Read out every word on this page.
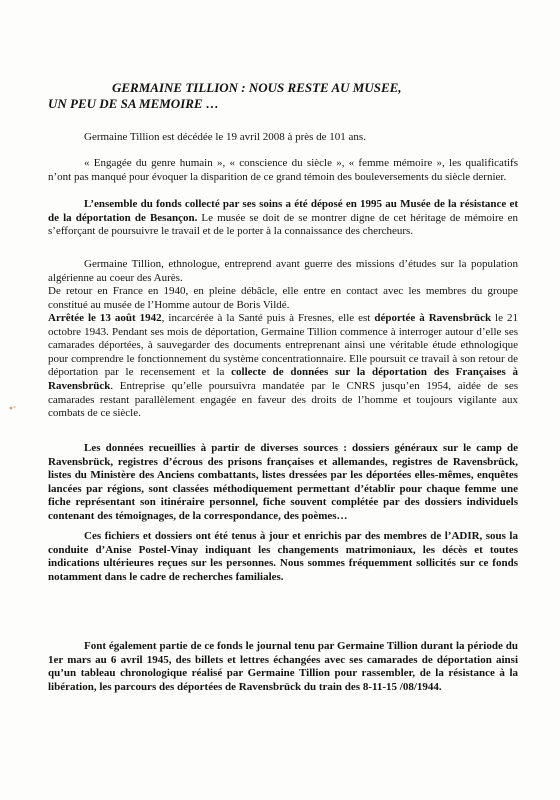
GERMAINE TILLION : NOUS RESTE AU MUSEE,
UN PEU DE SA MEMOIRE …

Germaine Tillion est décédée le 19 avril 2008 à près de 101 ans.

« Engagée du genre humain », « conscience du siècle », « femme mémoire », les qualificatifs n’ont pas manqué pour évoquer la disparition de ce grand témoin des bouleversements du siècle dernier.

L’ensemble du fonds collecté par ses soins a été déposé en 1995 au Musée de la résistance et de la déportation de Besançon. Le musée se doit de se montrer digne de cet héritage de mémoire en s’efforçant de poursuivre le travail et de le porter à la connaissance des chercheurs.

Germaine Tillion, ethnologue, entreprend avant guerre des missions d’études sur la population algérienne au coeur des Aurès.

De retour en France en 1940, en pleine débâcle, elle entre en contact avec les membres du groupe constitué au musée de l’Homme autour de Boris Vildé.

Arrêtée le 13 août 1942, incarcérée à la Santé puis à Fresnes, elle est déportée à Ravensbrück le 21 octobre 1943. Pendant ses mois de déportation, Germaine Tillion commence à interroger autour d’elle ses camarades déportées, à sauvegarder des documents entreprenant ainsi une véritable étude ethnologique pour comprendre le fonctionnement du système concentrationnaire. Elle poursuit ce travail à son retour de déportation par le recensement et la collecte de données sur la déportation des Françaises à Ravensbrück. Entreprise qu’elle poursuivra mandatée par le CNRS jusqu’en 1954, aidée de ses camarades restant parallèlement engagée en faveur des droits de l’homme et toujours vigilante aux combats de ce siècle.

Les données recueillies à partir de diverses sources : dossiers généraux sur le camp de Ravensbrück, registres d’écrous des prisons françaises et allemandes, registres de Ravensbrück, listes du Ministère des Anciens combattants, listes dressées par les déportées elles-mêmes, enquêtes lancées par régions, sont classées méthodiquement permettant d’établir pour chaque femme une fiche représentant son itinéraire personnel, fiche souvent complétée par des dossiers individuels contenant des témoignages, de la correspondance, des poèmes…

Ces fichiers et dossiers ont été tenus à jour et enrichis par des membres de l’ADIR, sous la conduite d’Anise Postel-Vinay indiquant les changements matrimoniaux, les décès et toutes indications ultérieures reçues sur les personnes. Nous sommes fréquemment sollicités sur ce fonds notamment dans le cadre de recherches familiales.

Font également partie de ce fonds le journal tenu par Germaine Tillion durant la période du 1er mars au 6 avril 1945, des billets et lettres échangées avec ses camarades de déportation ainsi qu’un tableau chronologique réalisé par Germaine Tillion pour rassembler, de la résistance à la libération, les parcours des déportées de Ravensbrück du train des 8-11-15 /08/1944.
